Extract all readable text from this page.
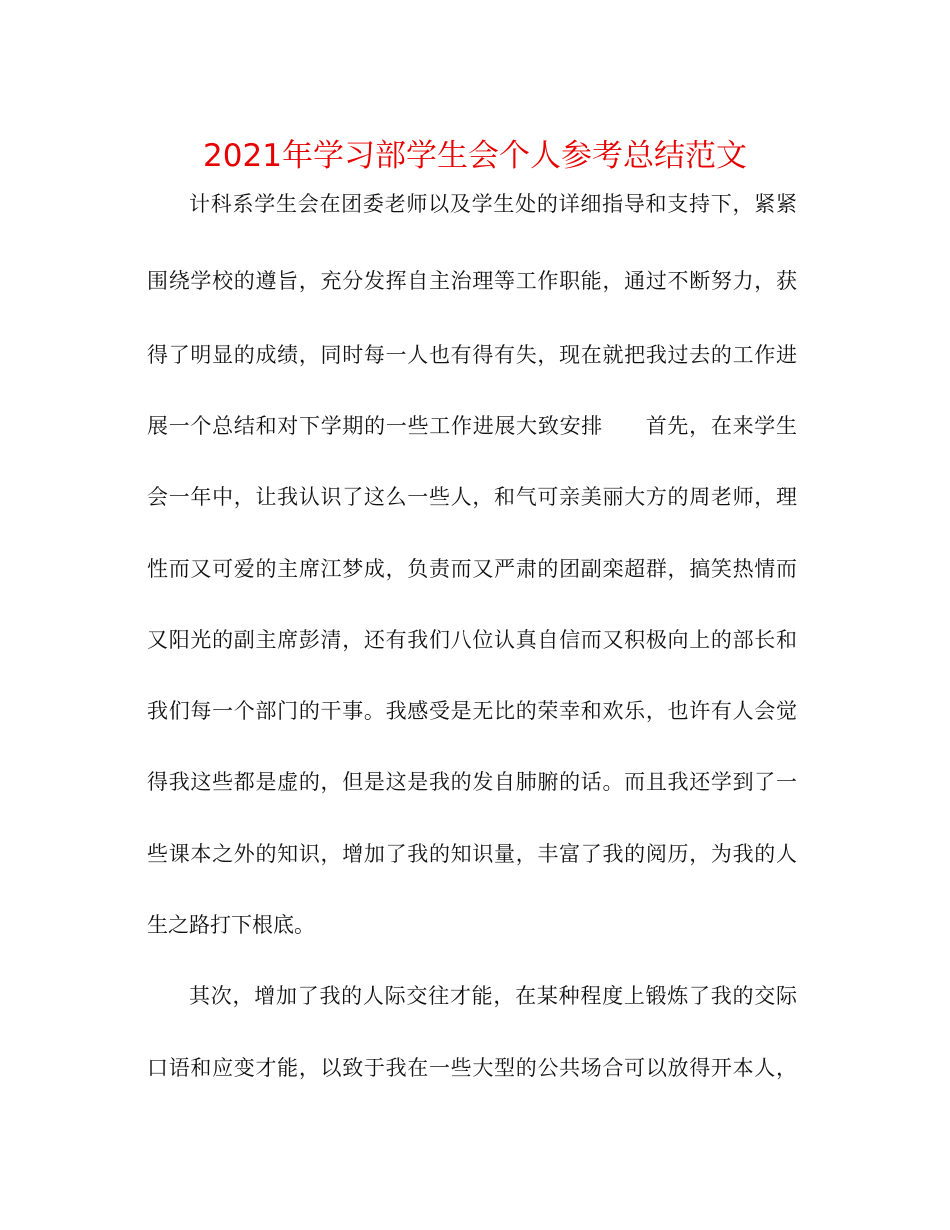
2021年学习部学生会个人参考总结范文
计科系学生会在团委老师以及学生处的详细指导和支持下，紧紧
围绕学校的遵旨，充分发挥自主治理等工作职能，通过不断努力，获
得了明显的成绩，同时每一人也有得有失，现在就把我过去的工作进
展一个总结和对下学期的一些工作进展大致安排 首先，在来学生
会一年中，让我认识了这么一些人，和气可亲美丽大方的周老师，理
性而又可爱的主席江梦成，负责而又严肃的团副栾超群，搞笑热情而
又阳光的副主席彭清，还有我们八位认真自信而又积极向上的部长和
我们每一个部门的干事。我感受是无比的荣幸和欢乐，也许有人会觉
得我这些都是虚的，但是这是我的发自肺腑的话。而且我还学到了一
些课本之外的知识，增加了我的知识量，丰富了我的阅历，为我的人
生之路打下根底。
其次，增加了我的人际交往才能，在某种程度上锻炼了我的交际
口语和应变才能，以致于我在一些大型的公共场合可以放得开本人，
